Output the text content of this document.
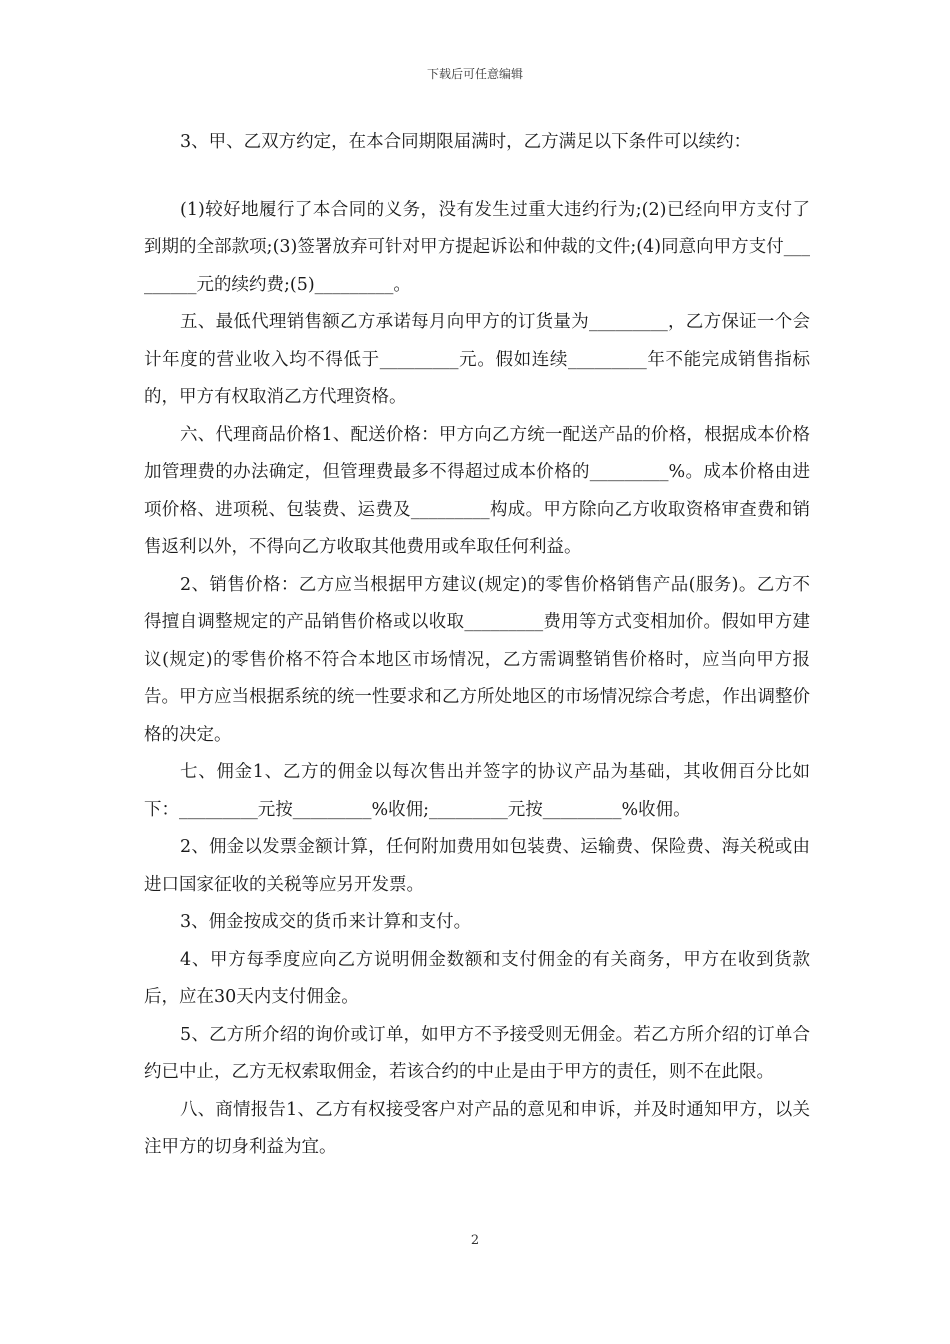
下载后可任意编辑

3、甲、乙双方约定，在本合同期限届满时，乙方满足以下条件可以续约：

(1)较好地履行了本合同的义务，没有发生过重大违约行为;(2)已经向甲方支付了到期的全部款项;(3)签署放弃可针对甲方提起诉讼和仲裁的文件;(4)同意向甲方支付_________元的续约费;(5)_________。

五、最低代理销售额乙方承诺每月向甲方的订货量为_________，乙方保证一个会计年度的营业收入均不得低于_________元。假如连续_________年不能完成销售指标的，甲方有权取消乙方代理资格。

六、代理商品价格1、配送价格：甲方向乙方统一配送产品的价格，根据成本价格加管理费的办法确定，但管理费最多不得超过成本价格的_________%。成本价格由进项价格、进项税、包装费、运费及_________构成。甲方除向乙方收取资格审查费和销售返利以外，不得向乙方收取其他费用或牟取任何利益。

2、销售价格：乙方应当根据甲方建议(规定)的零售价格销售产品(服务)。乙方不得擅自调整规定的产品销售价格或以收取_________费用等方式变相加价。假如甲方建议(规定)的零售价格不符合本地区市场情况，乙方需调整销售价格时，应当向甲方报告。甲方应当根据系统的统一性要求和乙方所处地区的市场情况综合考虑，作出调整价格的决定。

七、佣金1、乙方的佣金以每次售出并签字的协议产品为基础，其收佣百分比如下：_________元按_________%收佣;_________元按_________%收佣。

2、佣金以发票金额计算，任何附加费用如包装费、运输费、保险费、海关税或由进口国家征收的关税等应另开发票。

3、佣金按成交的货币来计算和支付。

4、甲方每季度应向乙方说明佣金数额和支付佣金的有关商务，甲方在收到货款后，应在30天内支付佣金。

5、乙方所介绍的询价或订单，如甲方不予接受则无佣金。若乙方所介绍的订单合约已中止，乙方无权索取佣金，若该合约的中止是由于甲方的责任，则不在此限。

八、商情报告1、乙方有权接受客户对产品的意见和申诉，并及时通知甲方，以关注甲方的切身利益为宜。

2
